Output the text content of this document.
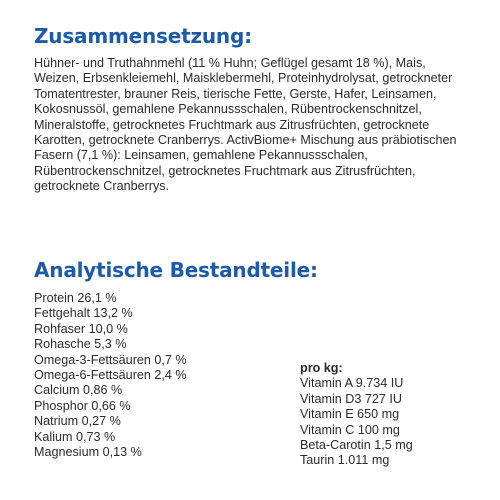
Zusammensetzung:

Hühner- und Truthahnmehl (11 % Huhn; Geflügel gesamt 18 %), Mais, Weizen, Erbsenkleiemehl, Maisklebermehl, Proteinhydrolysat, getrockneter Tomatentrester, brauner Reis, tierische Fette, Gerste, Hafer, Leinsamen, Kokosnussöl, gemahlene Pekannussschalen, Rübentrockenschnitzel, Mineralstoffe, getrocknetes Fruchtmark aus Zitrusfrüchten, getrocknete Karotten, getrocknete Cranberrys. ActivBiome+ Mischung aus präbiotischen Fasern (7,1 %): Leinsamen, gemahlene Pekannussschalen, Rübentrockenschnitzel, getrocknetes Fruchtmark aus Zitrusfrüchten, getrocknete Cranberrys.

Analytische Bestandteile:
Protein 26,1 %
Fettgehalt 13,2 %
Rohfaser 10,0 %
Rohasche 5,3 %
Omega-3-Fettsäuren 0,7 %
Omega-6-Fettsäuren 2,4 %
Calcium 0,86 %
Phosphor 0,66 %
Natrium 0,27 %
Kalium 0,73 %
Magnesium 0,13 %
pro kg:
Vitamin A 9.734 IU
Vitamin D3 727 IU
Vitamin E 650 mg
Vitamin C 100 mg
Beta-Carotin 1,5 mg
Taurin 1.011 mg
